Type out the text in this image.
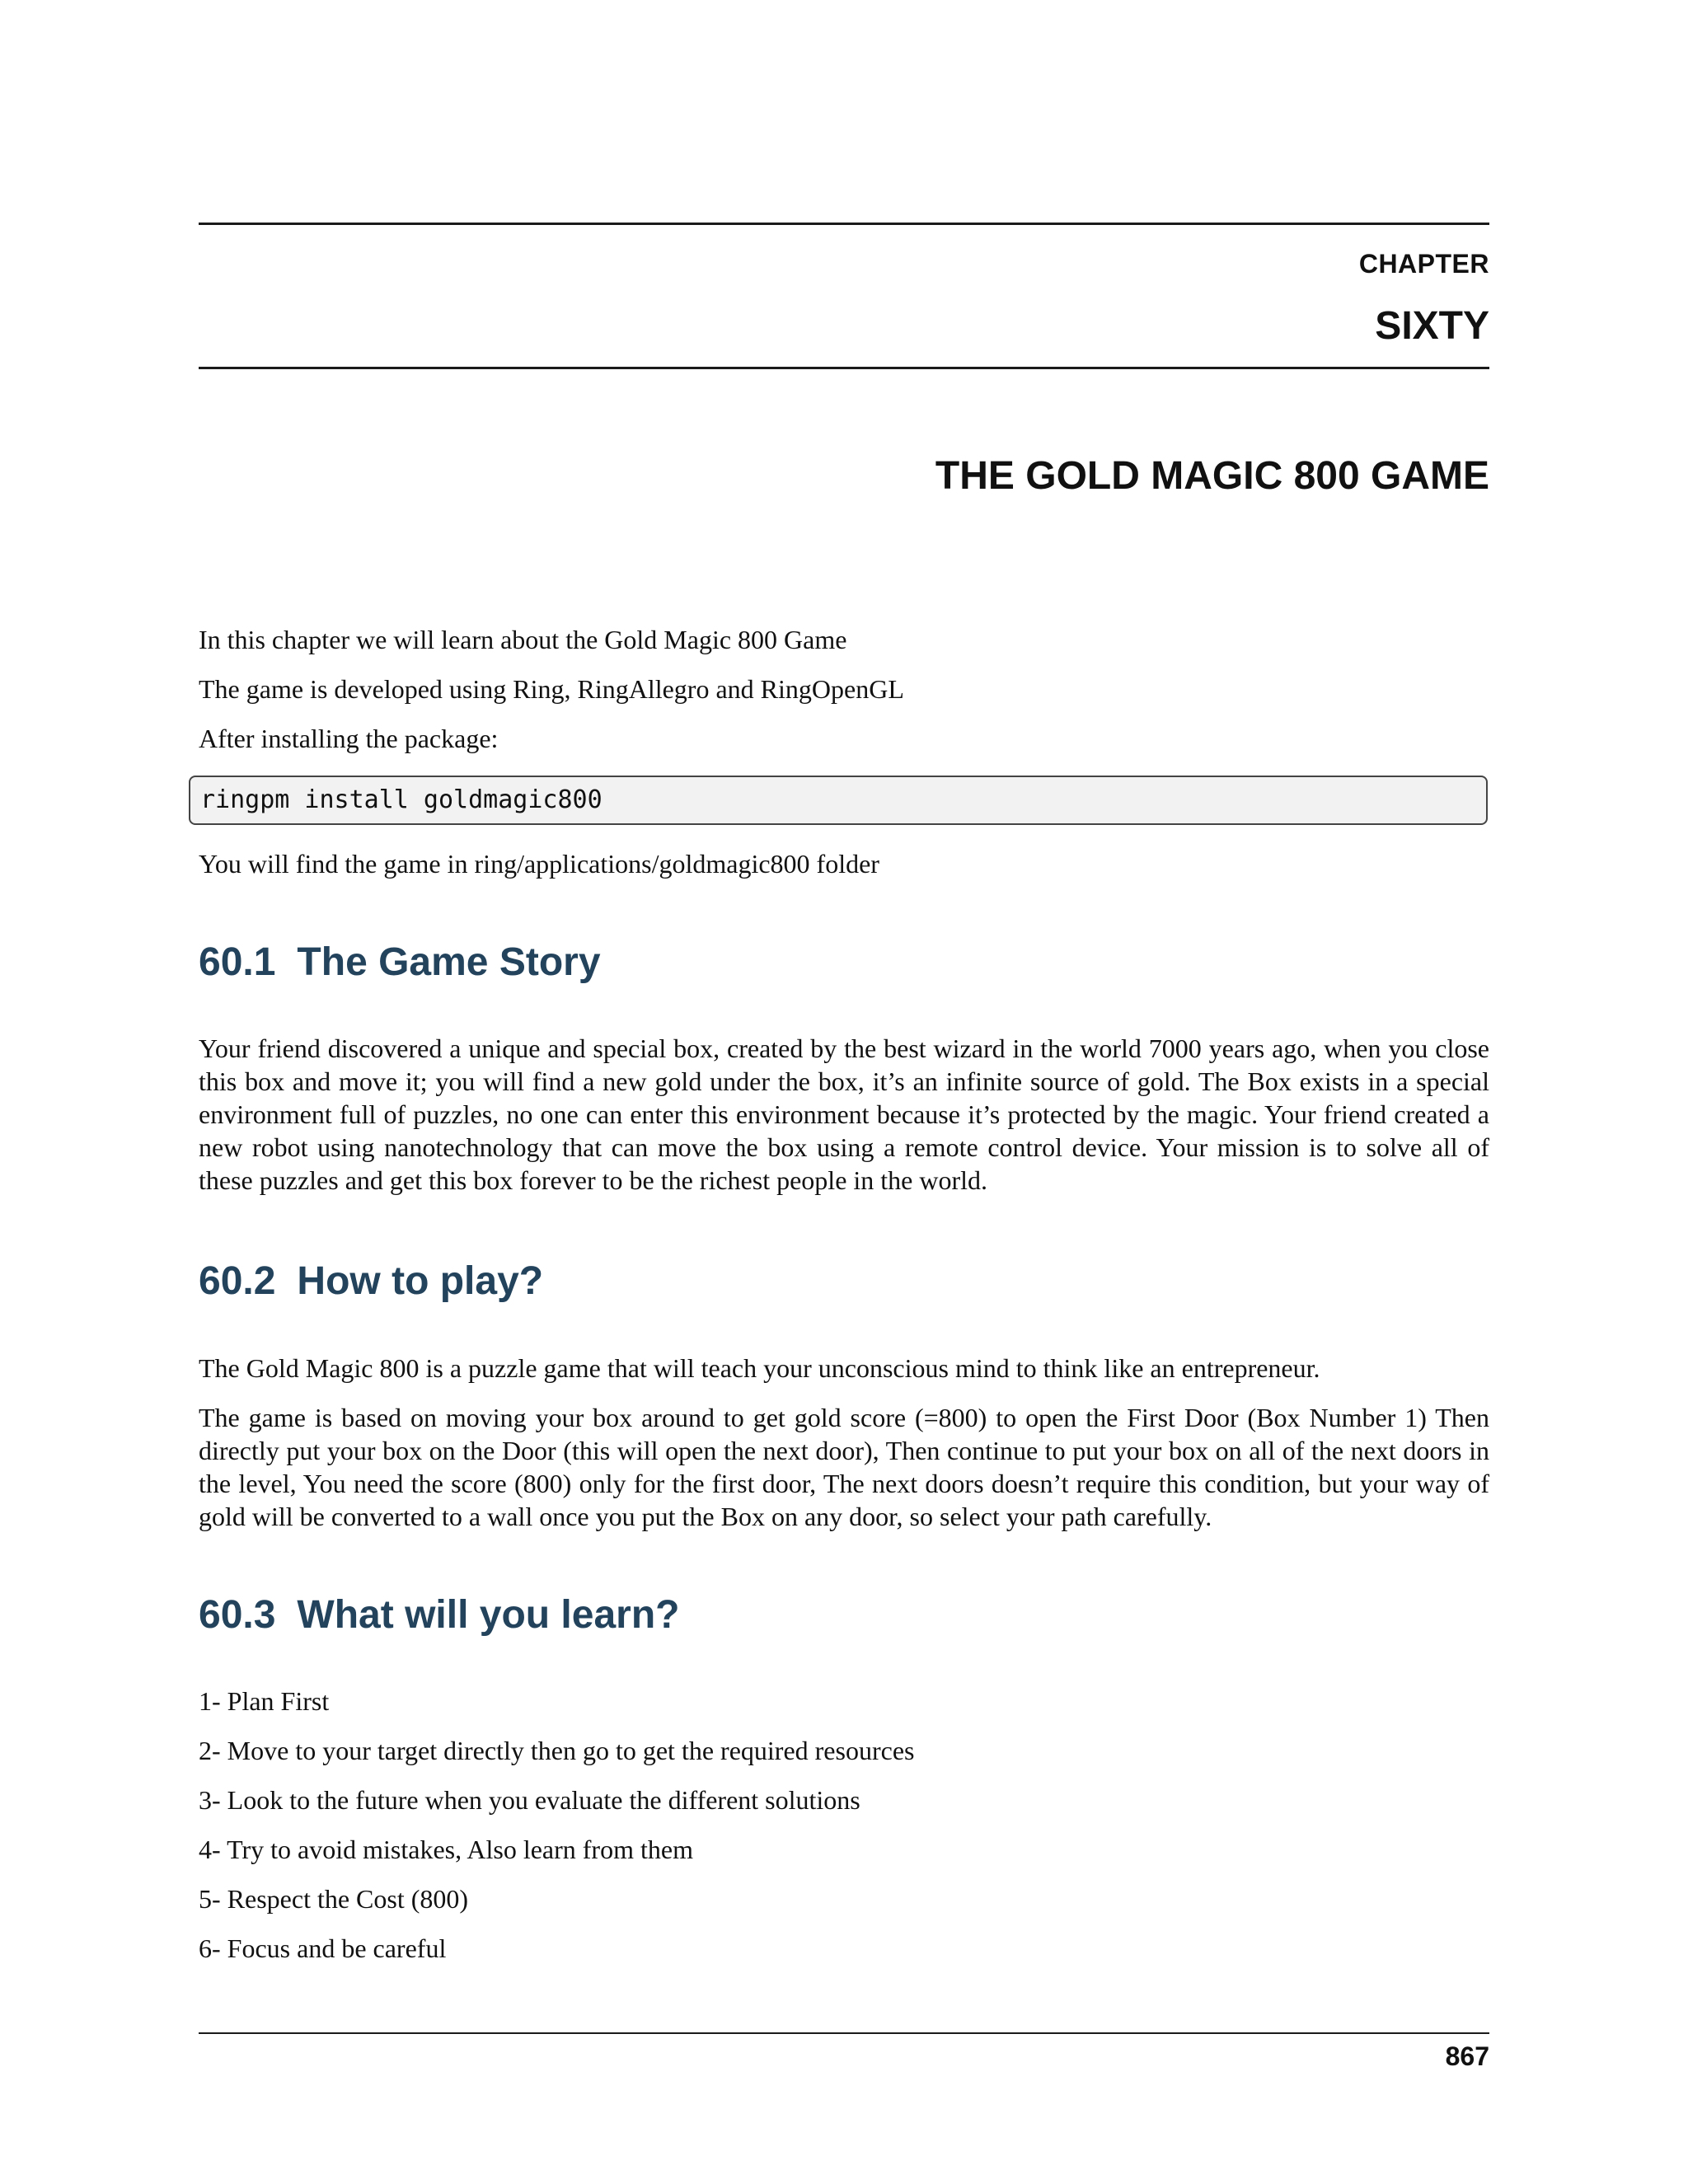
CHAPTER
SIXTY
THE GOLD MAGIC 800 GAME
In this chapter we will learn about the Gold Magic 800 Game
The game is developed using Ring, RingAllegro and RingOpenGL
After installing the package:
ringpm install goldmagic800
You will find the game in ring/applications/goldmagic800 folder
60.1 The Game Story
Your friend discovered a unique and special box, created by the best wizard in the world 7000 years ago, when you close this box and move it; you will find a new gold under the box, it’s an infinite source of gold. The Box exists in a special environment full of puzzles, no one can enter this environment because it’s protected by the magic. Your friend created a new robot using nanotechnology that can move the box using a remote control device. Your mission is to solve all of these puzzles and get this box forever to be the richest people in the world.
60.2 How to play?
The Gold Magic 800 is a puzzle game that will teach your unconscious mind to think like an entrepreneur.
The game is based on moving your box around to get gold score (=800) to open the First Door (Box Number 1) Then directly put your box on the Door (this will open the next door), Then continue to put your box on all of the next doors in the level, You need the score (800) only for the first door, The next doors doesn’t require this condition, but your way of gold will be converted to a wall once you put the Box on any door, so select your path carefully.
60.3 What will you learn?
1- Plan First
2- Move to your target directly then go to get the required resources
3- Look to the future when you evaluate the different solutions
4- Try to avoid mistakes, Also learn from them
5- Respect the Cost (800)
6- Focus and be careful
867
